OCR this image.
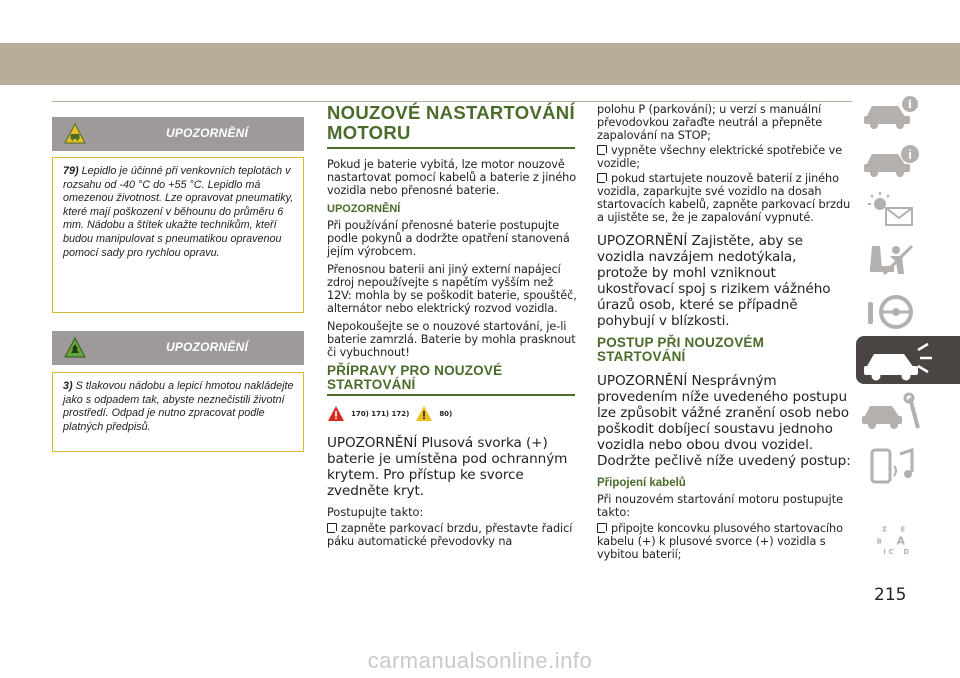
UPOZORNĚNÍ
79) Lepidlo je účinné při venkovních teplotách v rozsahu od -40 °C do +55 °C. Lepidlo má omezenou životnost. Lze opravovat pneumatiky, které mají poškození v běhounu do průměru 6 mm. Nádobu a štítek ukažte technikům, kteří budou manipulovat s pneumatikou opravenou pomocí sady pro rychlou opravu.
UPOZORNĚNÍ
3) S tlakovou nádobu a lepicí hmotou nakládejte jako s odpadem tak, abyste neznečistili životní prostředí. Odpad je nutno zpracovat podle platných předpisů.
NOUZOVÉ NASTARTOVÁNÍ
MOTORU
Pokud je baterie vybitá, lze motor nouzově nastartovat pomocí kabelů a baterie z jiného vozidla nebo přenosné baterie.
UPOZORNĚNÍ
Při používání přenosné baterie postupujte podle pokynů a dodržte opatření stanovená jejím výrobcem.
Přenosnou baterii ani jiný externí napájecí zdroj nepoužívejte s napětím vyšším než 12V: mohla by se poškodit baterie, spouštěč, alternátor nebo elektrický rozvod vozidla.
Nepokoušejte se o nouzové startování, je-li baterie zamrzlá. Baterie by mohla prasknout či vybuchnout!
PŘÍPRAVY PRO NOUZOVÉ
STARTOVÁNÍ
170) 171) 172)	80)
UPOZORNĚNÍ Plusová svorka (+) baterie je umístěna pod ochranným krytem. Pro přístup ke svorce zvedněte kryt.
Postupujte takto:
zapněte parkovací brzdu, přestavte řadicí páku automatické převodovky na
polohu P (parkování); u verzí s manuální převodovkou zařaďte neutrál a přepněte zapalování na STOP;
vypněte všechny elektrické spotřebiče ve vozidle;
pokud startujete nouzově baterií z jiného vozidla, zaparkujte své vozidlo na dosah startovacích kabelů, zapněte parkovací brzdu a ujistěte se, že je zapalování vypnuté.
UPOZORNĚNÍ Zajistěte, aby se vozidla navzájem nedotýkala, protože by mohl vzniknout ukostřovací spoj s rizikem vážného úrazů osob, které se případně pohybují v blízkosti.
POSTUP PŘI NOUZOVÉM
STARTOVÁNÍ
UPOZORNĚNÍ Nesprávným provedením níže uvedeného postupu lze způsobit vážné zranění osob nebo poškodit dobíjecí soustavu jednoho vozidla nebo obou dvou vozidel. Dodržte pečlivě níže uvedený postup:
Připojení kabelů
Při nouzovém startování motoru postupujte takto:
připojte koncovku plusového startovacího kabelu (+) k plusové svorce (+) vozidla s vybitou baterií;
i
i
Z E
B A
I C D
215
carmanualsonline.info
